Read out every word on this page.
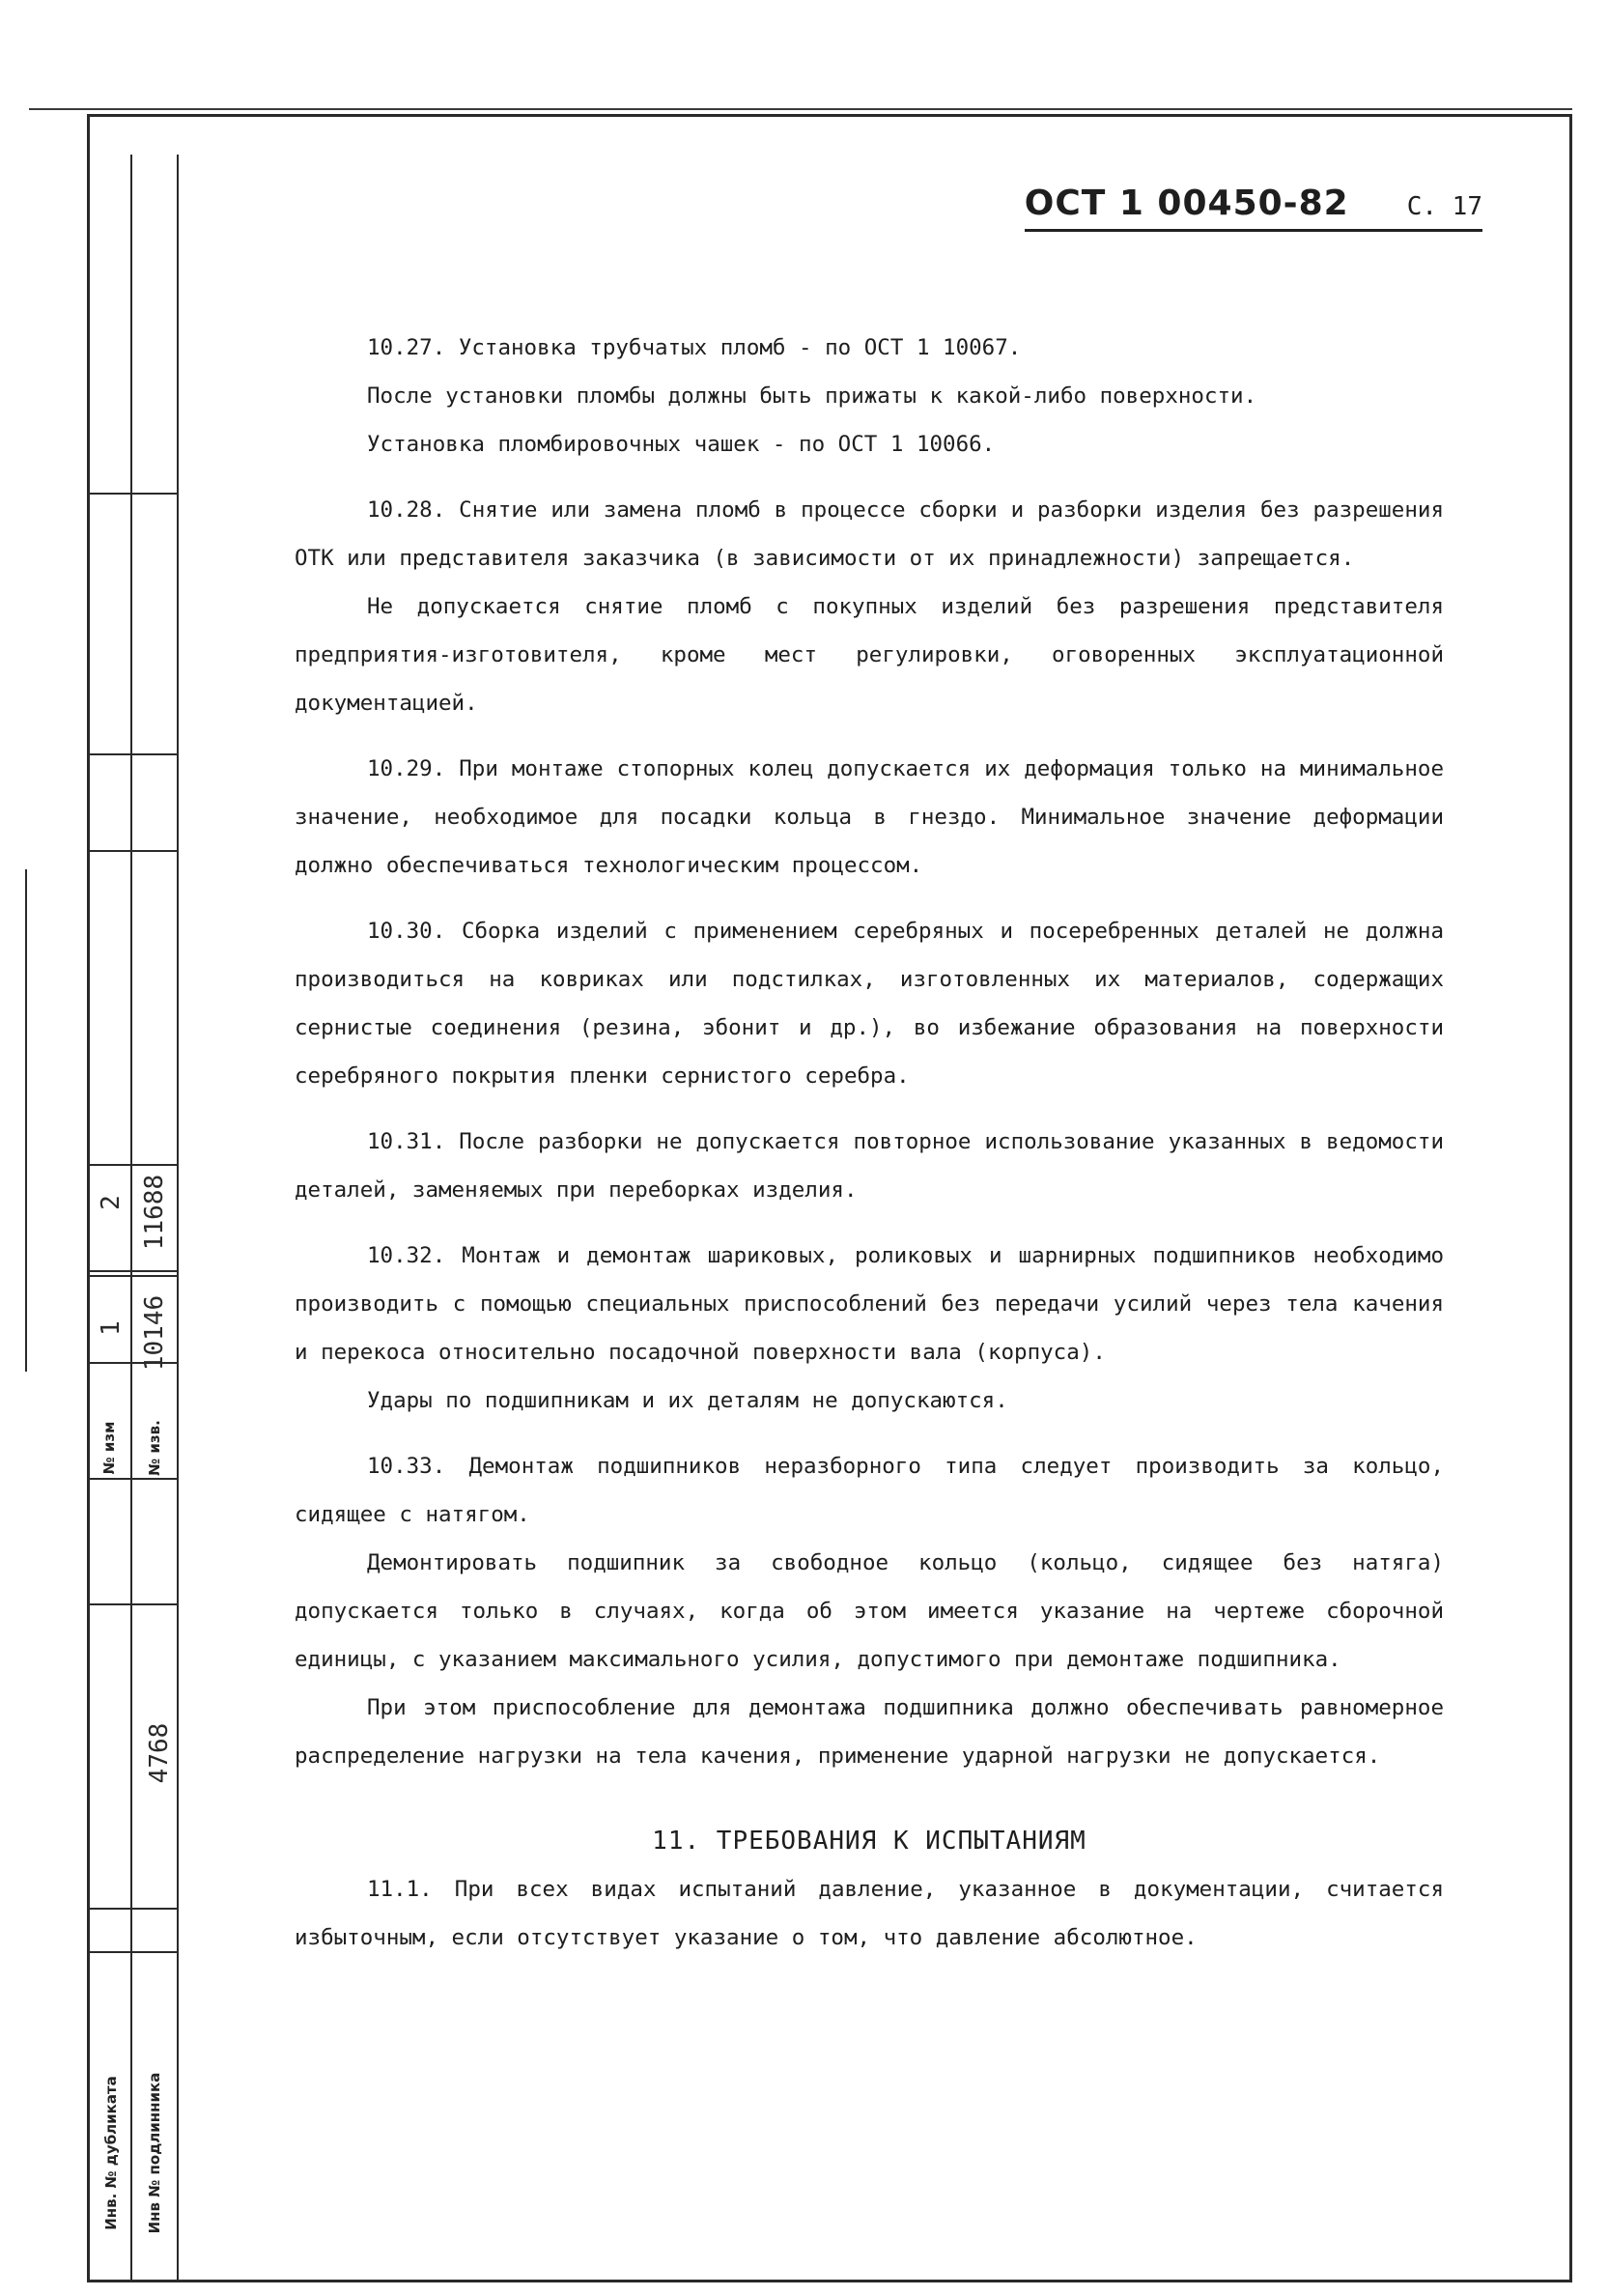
2
1
11688
10146
№ изм № изв.
4768
Инв. № дубликата Инв № подлинника
ОСТ 1 00450-82 С. 17

10.27. Установка трубчатых пломб - по ОСТ 1 10067.

После установки пломбы должны быть прижаты к какой-либо поверхности.

Установка пломбировочных чашек - по ОСТ 1 10066.

10.28. Снятие или замена пломб в процессе сборки и разборки изделия без разрешения ОТК или представителя заказчика (в зависимости от их принадлежности) запрещается.

Не допускается снятие пломб с покупных изделий без разрешения представителя предприятия-изготовителя, кроме мест регулировки, оговоренных эксплуатационной документацией.

10.29. При монтаже стопорных колец допускается их деформация только на минимальное значение, необходимое для посадки кольца в гнездо. Минимальное значение деформации должно обеспечиваться технологическим процессом.

10.30. Сборка изделий с применением серебряных и посеребренных деталей не должна производиться на ковриках или подстилках, изготовленных их материалов, содержащих сернистые соединения (резина, эбонит и др.), во избежание образования на поверхности серебряного покрытия пленки сернистого серебра.

10.31. После разборки не допускается повторное использование указанных в ведомости деталей, заменяемых при переборках изделия.

10.32. Монтаж и демонтаж шариковых, роликовых и шарнирных подшипников необходимо производить с помощью специальных приспособлений без передачи усилий через тела качения и перекоса относительно посадочной поверхности вала (корпуса).

Удары по подшипникам и их деталям не допускаются.

10.33. Демонтаж подшипников неразборного типа следует производить за кольцо, сидящее с натягом.

Демонтировать подшипник за свободное кольцо (кольцо, сидящее без натяга) допускается только в случаях, когда об этом имеется указание на чертеже сборочной единицы, с указанием максимального усилия, допустимого при демонтаже подшипника.

При этом приспособление для демонтажа подшипника должно обеспечивать равномерное распределение нагрузки на тела качения, применение ударной нагрузки не допускается.

11. ТРЕБОВАНИЯ К ИСПЫТАНИЯМ

11.1. При всех видах испытаний давление, указанное в документации, считается избыточным, если отсутствует указание о том, что давление абсолютное.
